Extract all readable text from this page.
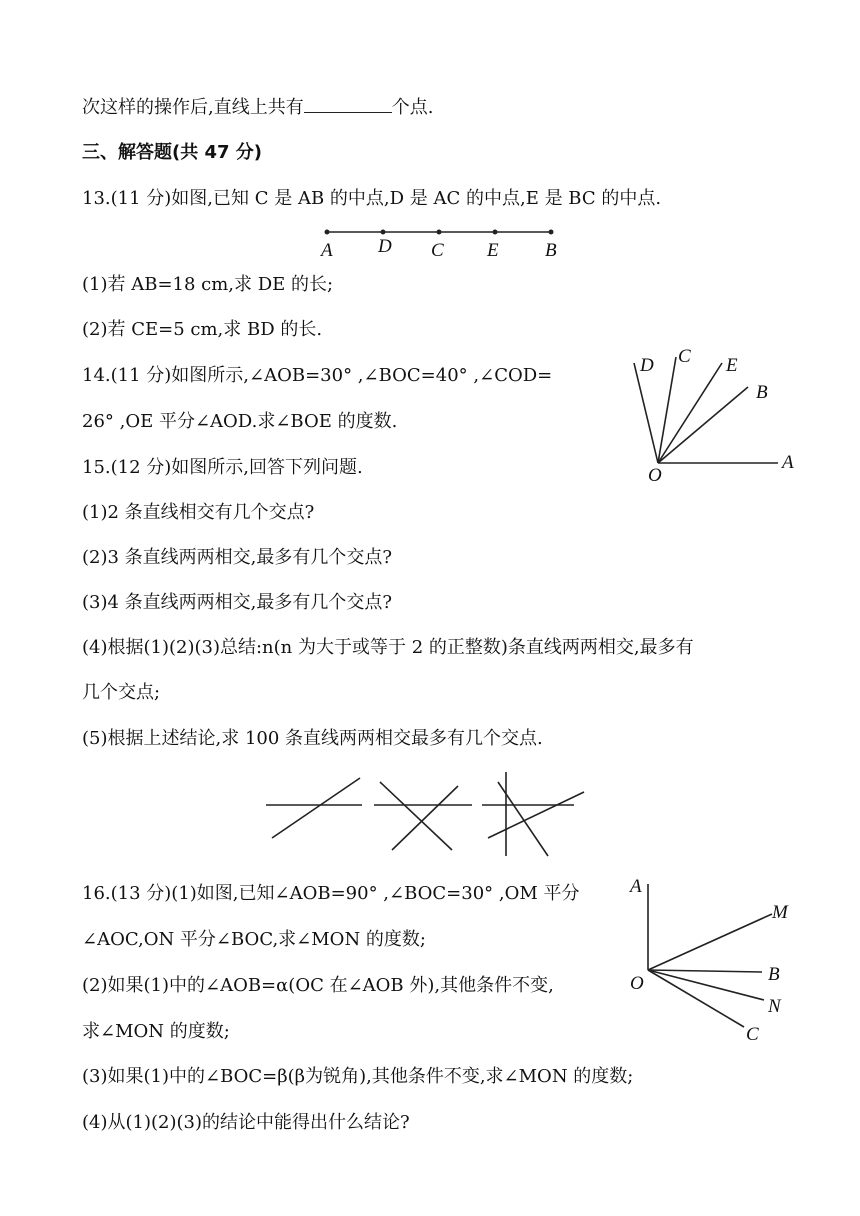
次这样的操作后,直线上共有	个点.
三、解答题(共 47 分)
13.(11 分)如图,已知 C 是 AB 的中点,D 是 AC 的中点,E 是 BC 的中点.
A D C E B
(1)若 AB=18 cm,求 DE 的长;
(2)若 CE=5 cm,求 BD 的长.
14.(11 分)如图所示,∠AOB=30° ,∠BOC=40° ,∠COD=
26° ,OE 平分∠AOD.求∠BOE 的度数.
D C E
B
O
A
15.(12 分)如图所示,回答下列问题.
(1)2 条直线相交有几个交点?
(2)3 条直线两两相交,最多有几个交点?
(3)4 条直线两两相交,最多有几个交点?
(4)根据(1)(2)(3)总结:n(n 为大于或等于 2 的正整数)条直线两两相交,最多有
几个交点;
(5)根据上述结论,求 100 条直线两两相交最多有几个交点.
16.(13 分)(1)如图,已知∠AOB=90° ,∠BOC=30° ,OM 平分
∠AOC,ON 平分∠BOC,求∠MON 的度数;
(2)如果(1)中的∠AOB=α(OC 在∠AOB 外),其他条件不变,
求∠MON 的度数;
(3)如果(1)中的∠BOC=β(β为锐角),其他条件不变,求∠MON 的度数;
(4)从(1)(2)(3)的结论中能得出什么结论?
A
M
B
O
N
C
